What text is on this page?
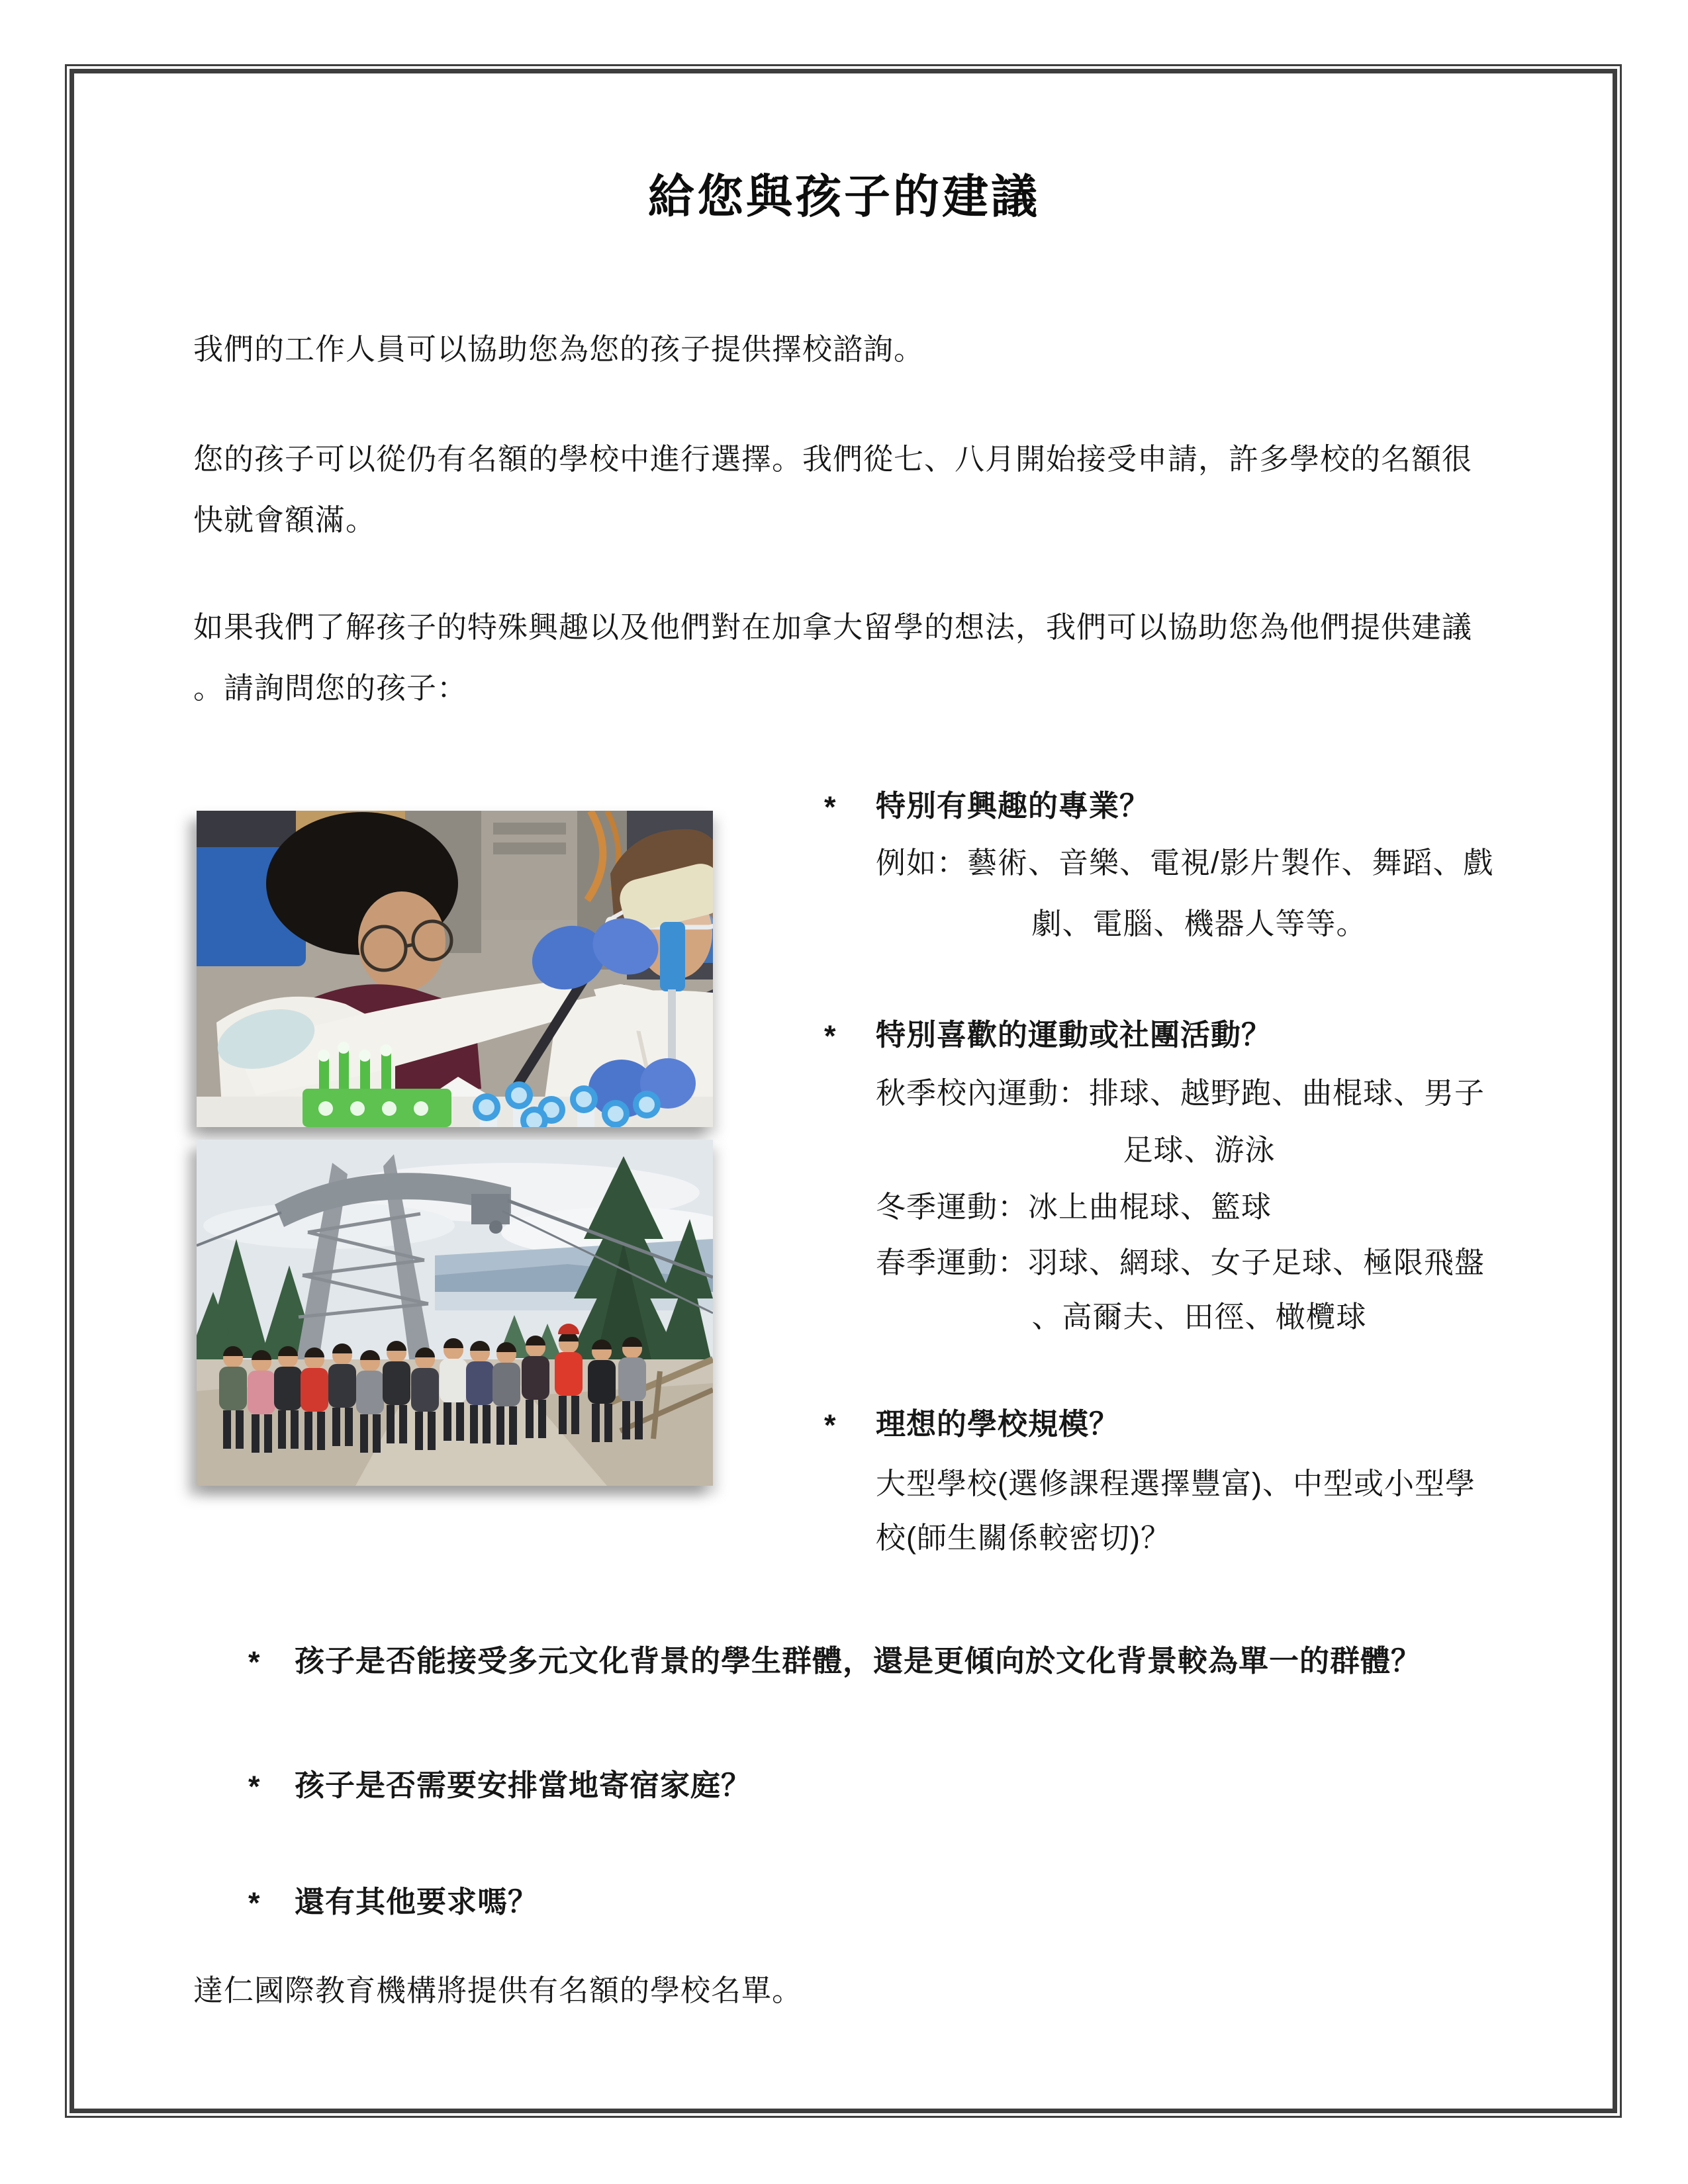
給您與孩子的建議
我們的工作人員可以協助您為您的孩子提供擇校諮詢。
您的孩子可以從仍有名額的學校中進行選擇。我們從七、八月開始接受申請，許多學校的名額很
快就會額滿。
如果我們了解孩子的特殊興趣以及他們對在加拿大留學的想法，我們可以協助您為他們提供建議
。請詢問您的孩子：
* 特別有興趣的專業？
例如：藝術、音樂、電視/影片製作、舞蹈、戲
劇、電腦、機器人等等。
* 特別喜歡的運動或社團活動？
秋季校內運動：排球、越野跑、曲棍球、男子
足球、游泳
冬季運動：冰上曲棍球、籃球
春季運動：羽球、網球、女子足球、極限飛盤
、高爾夫、田徑、橄欖球
* 理想的學校規模？
大型學校(選修課程選擇豐富)、中型或小型學
校(師生關係較密切)？
* 孩子是否能接受多元文化背景的學生群體，還是更傾向於文化背景較為單一的群體？
* 孩子是否需要安排當地寄宿家庭？
* 還有其他要求嗎？
達仁國際教育機構將提供有名額的學校名單。
